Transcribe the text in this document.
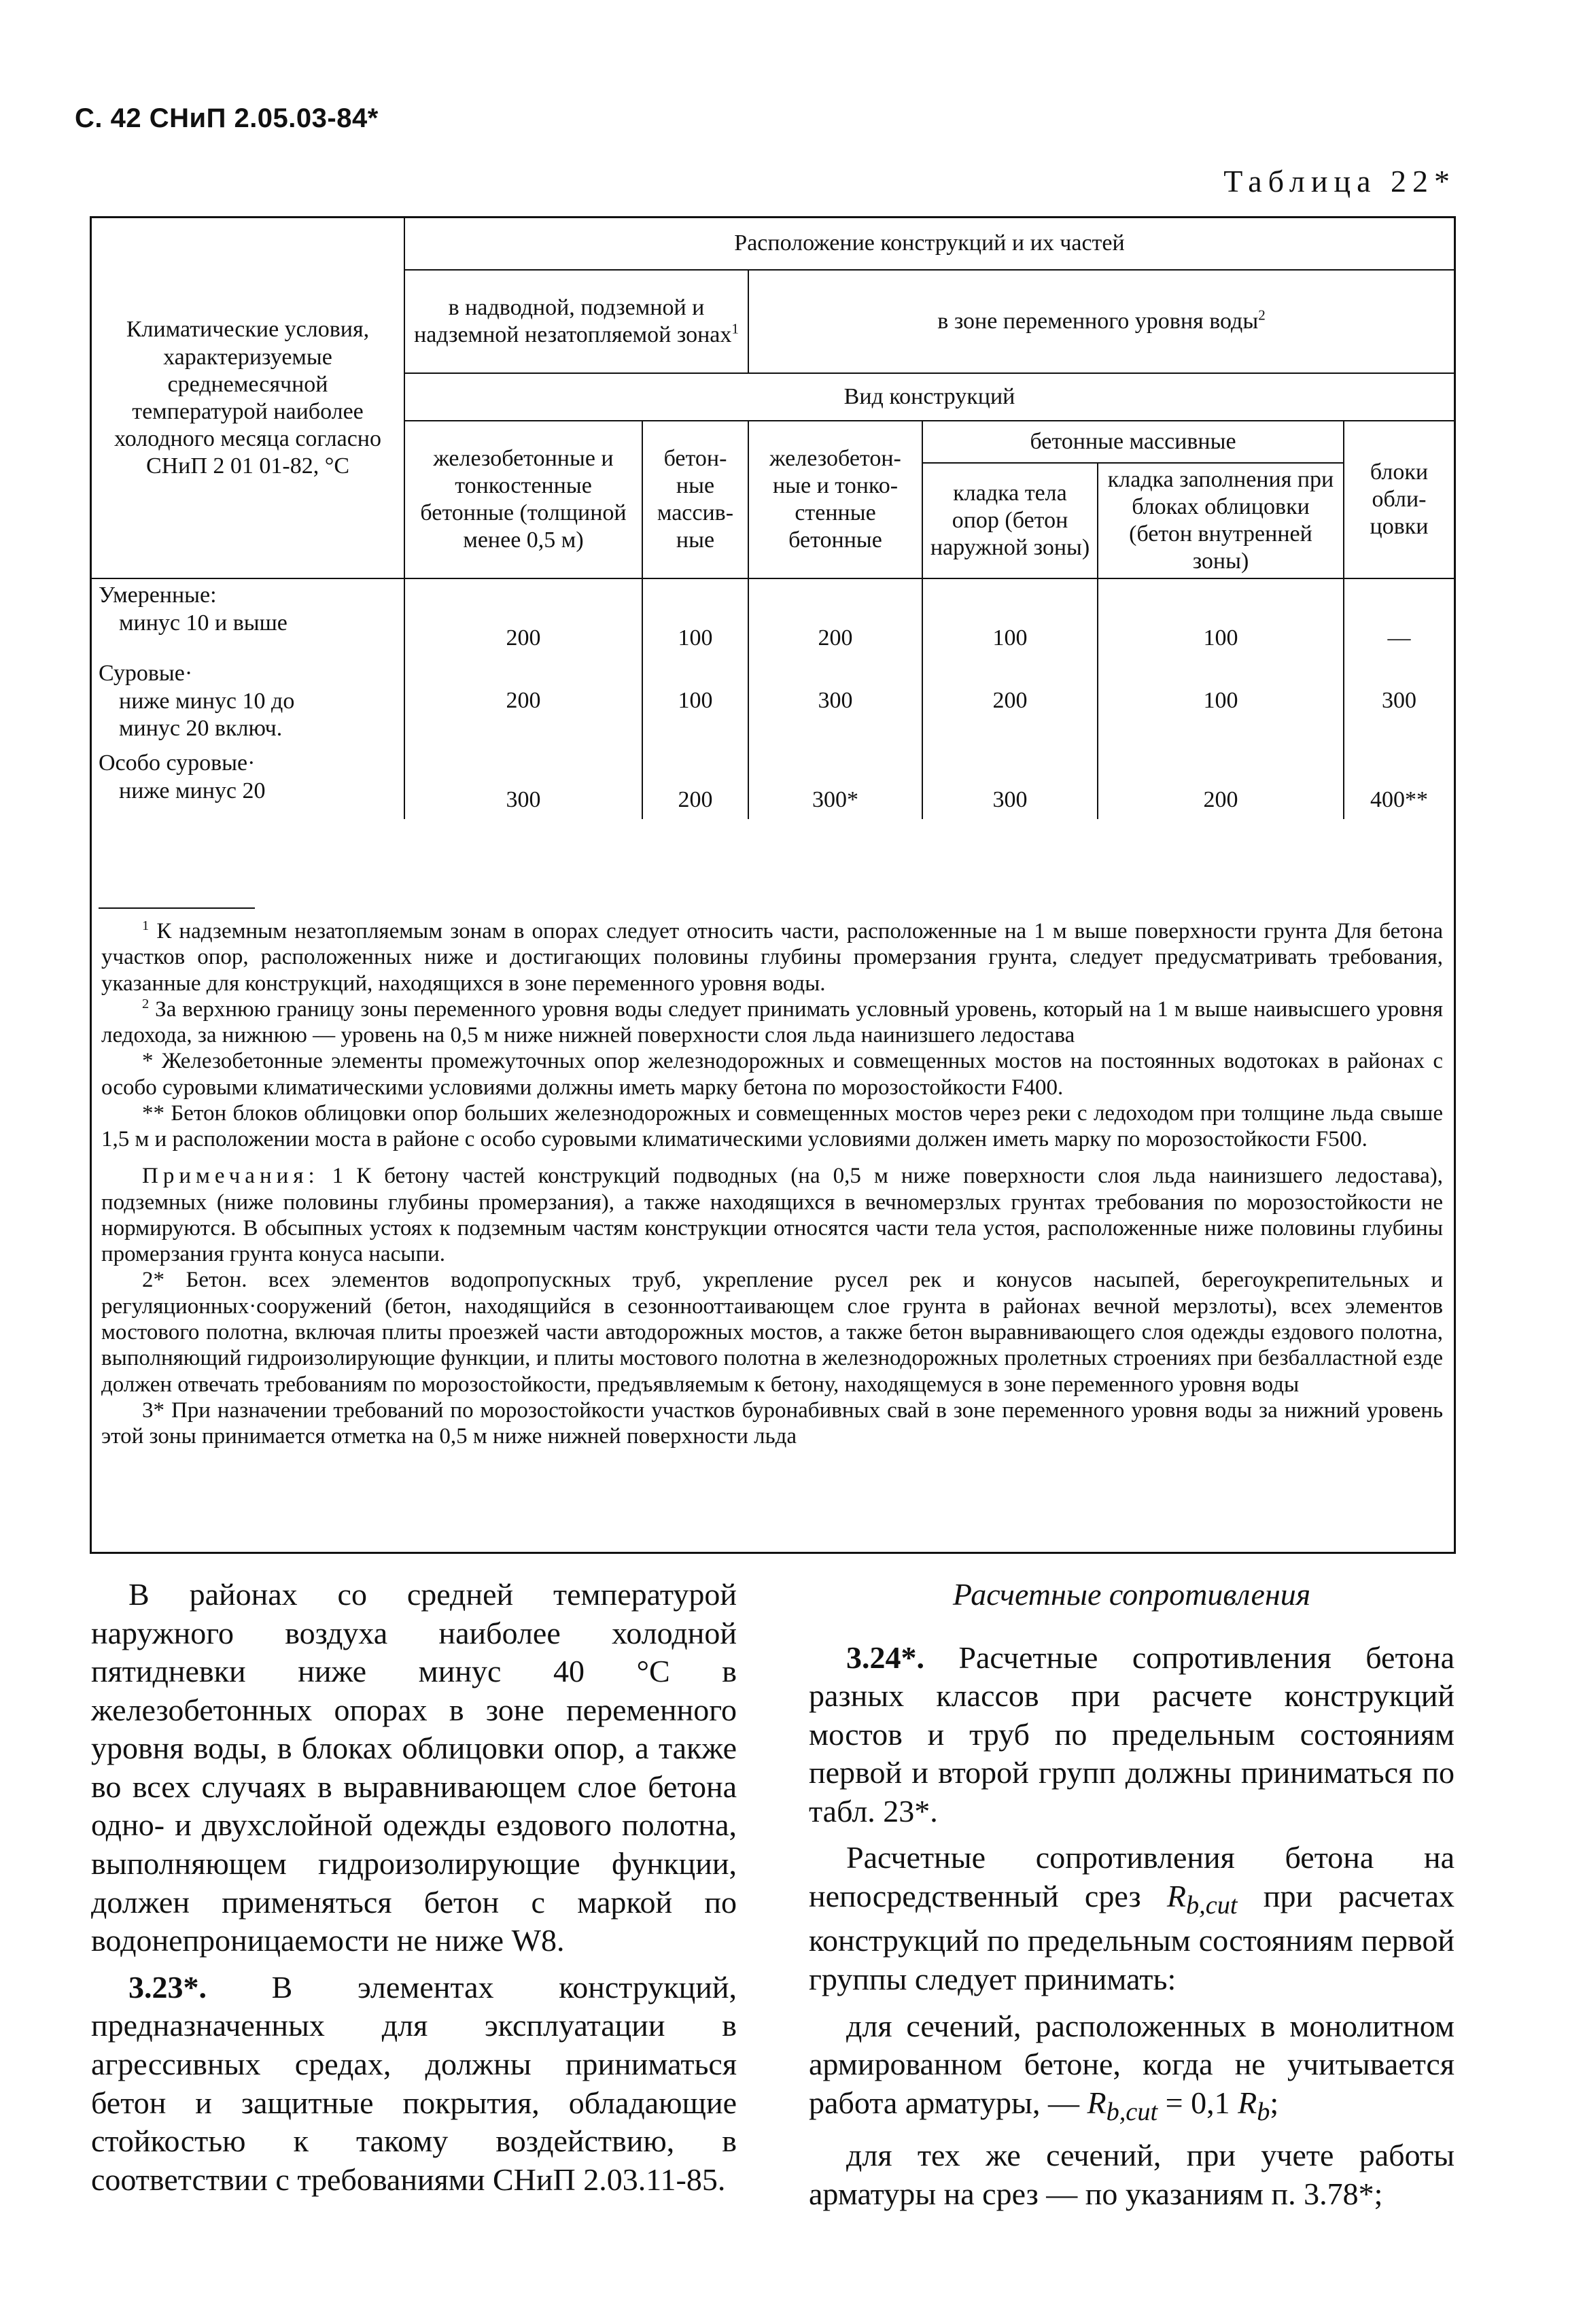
С. 42 СНиП 2.05.03-84*
Таблица 22*
Климатические условия, характеризуемые среднемесячной температурой наиболее холодного месяца согласно СНиП 2 01 01-82, °С	Расположение конструкций и их частей					
	в надводной, подземной и надземной незатопляемой зонах$^1$		в зоне переменного уровня воды$^2$
	Вид конструкций					
	железобетонные и тонкостенные бетонные (толщиной менее 0,5 м)	бетон-ные массив-ные	железобетон-ные и тонко-стенные бетонные	бетонные массивные		блоки обли-цовки
				кладка тела опор (бетон наружной зоны)	кладка заполнения при блоках облицовки (бетон внутренней зоны)	
Умеренные:
минус 10 и выше	200	100	200	100	100	—
Суровые·
ниже минус 10 до
минус 20 включ.	200	100	300	200	100	300
Особо суровые·
ниже минус 20	300	200	300*	300	200	400**

$^1$ К надземным незатопляемым зонам в опорах следует относить части, расположенные на 1 м выше поверхности грунта Для бетона участков опор, расположенных ниже и достигающих половины глубины промерзания грунта, следует предусматривать требования, указанные для конструкций, находящихся в зоне переменного уровня воды.

$^2$ За верхнюю границу зоны переменного уровня воды следует принимать условный уровень, который на 1 м выше наивысшего уровня ледохода, за нижнюю — уровень на 0,5 м ниже нижней поверхности слоя льда наинизшего ледостава

* Железобетонные элементы промежуточных опор железнодорожных и совмещенных мостов на постоянных водотоках в районах с особо суровыми климатическими условиями должны иметь марку бетона по морозостойкости F400.

** Бетон блоков облицовки опор больших железнодорожных и совмещенных мостов через реки с ледоходом при толщине льда свыше 1,5 м и расположении моста в районе с особо суровыми климатическими условиями должен иметь марку по морозостойкости F500.

Примечания: 1 К бетону частей конструкций подводных (на 0,5 м ниже поверхности слоя льда наинизшего ледостава), подземных (ниже половины глубины промерзания), а также находящихся в вечномерзлых грунтах требования по морозостойкости не нормируются. В обсыпных устоях к подземным частям конструкции относятся части тела устоя, расположенные ниже половины глубины промерзания грунта конуса насыпи.

2* Бетон. всех элементов водопропускных труб, укрепление русел рек и конусов насыпей, берегоукрепительных и регуляционных·сооружений (бетон, находящийся в сезоннооттаивающем слое грунта в районах вечной мерзлоты), всех элементов мостового полотна, включая плиты проезжей части автодорожных мостов, а также бетон выравнивающего слоя одежды ездового полотна, выполняющий гидроизолирующие функции, и плиты мостового полотна в железнодорожных пролетных строениях при безбалластной езде должен отвечать требованиям по морозостойкости, предъявляемым к бетону, находящемуся в зоне переменного уровня воды

3* При назначении требований по морозостойкости участков буронабивных свай в зоне переменного уровня воды за нижний уровень этой зоны принимается отметка на 0,5 м ниже нижней поверхности льда

В районах со средней температурой наружного воздуха наиболее холодной пятидневки ниже минус 40 °С в железобетонных опорах в зоне переменного уровня воды, в блоках облицовки опор, а также во всех случаях в выравнивающем слое бетона одно- и двухслойной одежды ездового полотна, выполняющем гидроизолирующие функции, должен применяться бетон с маркой по водонепроницаемости не ниже W8.

3.23*. В элементах конструкций, предназначенных для эксплуатации в агрессивных средах, должны приниматься бетон и защитные покрытия, обладающие стойкостью к такому воздействию, в соответствии с требованиями СНиП 2.03.11-85.

Расчетные сопротивления

3.24*. Расчетные сопротивления бетона разных классов при расчете конструкций мостов и труб по предельным состояниям первой и второй групп должны приниматься по табл. 23*.

Расчетные сопротивления бетона на непосредственный срез $R_{b,cut}$ при расчетах конструкций по предельным состояниям первой группы следует принимать:

для сечений, расположенных в монолитном армированном бетоне, когда не учитывается работа арматуры, — $R_{b,cut} = 0,1$ $R_b$;

для тех же сечений, при учете работы арматуры на срез — по указаниям п. 3.78*;
